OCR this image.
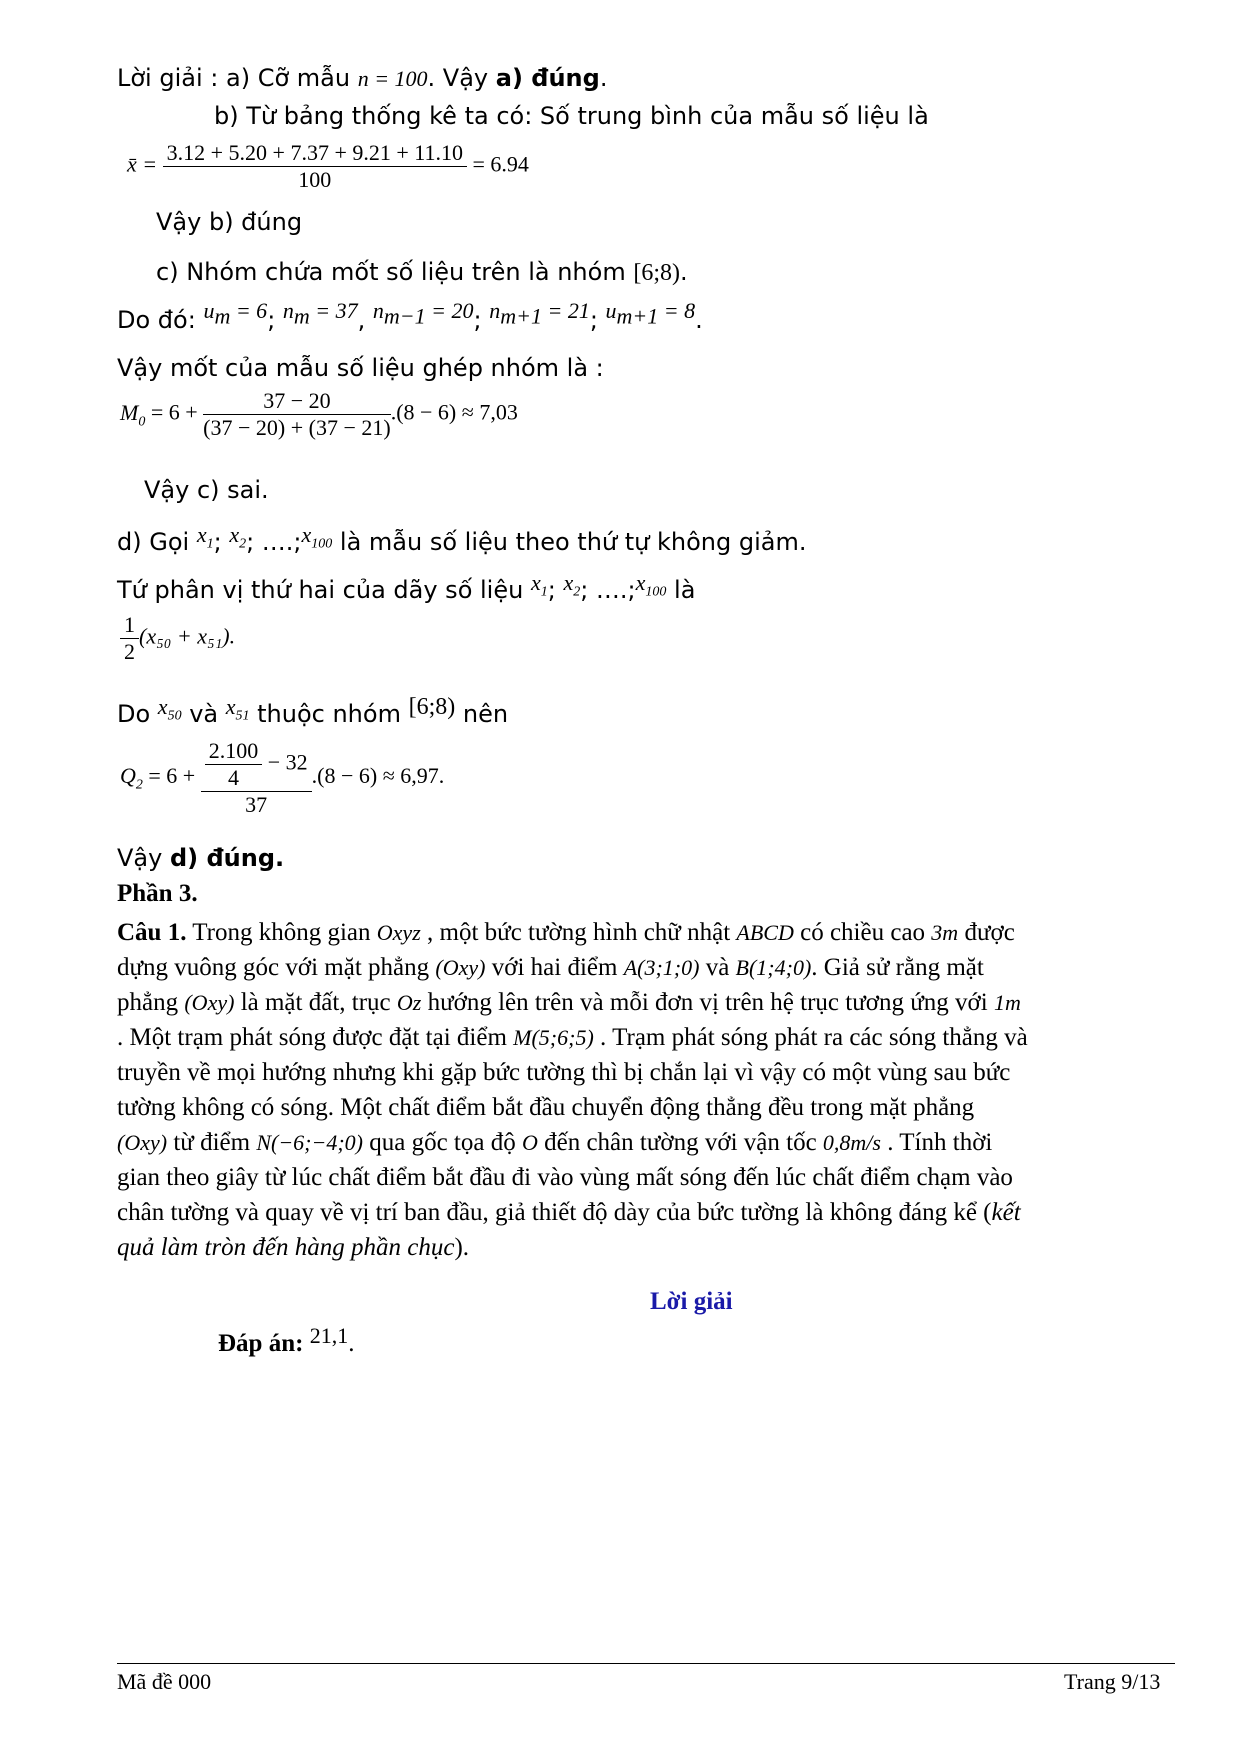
Lời giải : a) Cỡ mẫu n = 100. Vậy a) đúng.
b) Từ bảng thống kê ta có: Số trung bình của mẫu số liệu là
x̄ = $\frac{3.12 + 5.20 + 7.37 + 9.21 + 11.10}{100} = 6.94$
Vậy b) đúng
c) Nhóm chứa mốt số liệu trên là nhóm [6;8).
Do đó: $u_m = 6$; $n_m = 37$, $n_{m-1} = 20$; $n_{m+1} = 21$; $u_{m+1} = 8$.
Vậy mốt của mẫu số liệu ghép nhóm là :
$M_0 = 6 + \frac{37 - 20}{(37 - 20) + (37 - 21)} .(8 - 6) \approx 7,03$
Vậy c) sai.
d) Gọi $x_1$; $x_2$; $\dots.;x_{100}$ là mẫu số liệu theo thứ tự không giảm.
Tứ phân vị thứ hai của dãy số liệu $x_1$; $x_2$; $\dots.;x_{100}$ là
$\frac{1}{2} (x_{50} + x_{51})$.
Do $x_{50}$ và $x_{51}$ thuộc nhóm [6;8) nên
$Q_2 = 6 + \frac{\frac{2.100}{4} - 32}{37} .(8 - 6) \approx 6,97$.
Vậy d) đúng.
Phần 3.
Câu 1. Trong không gian Oxyz , một bức tường hình chữ nhật ABCD có chiều cao 3m được
dựng vuông góc với mặt phẳng (Oxy) với hai điểm A(3;1;0) và B(1;4;0). Giả sử rằng mặt
phẳng (Oxy) là mặt đất, trục Oz hướng lên trên và mỗi đơn vị trên hệ trục tương ứng với 1m
. Một trạm phát sóng được đặt tại điểm M(5;6;5) . Trạm phát sóng phát ra các sóng thẳng và
truyền về mọi hướng nhưng khi gặp bức tường thì bị chắn lại vì vậy có một vùng sau bức
tường không có sóng. Một chất điểm bắt đầu chuyển động thẳng đều trong mặt phẳng
(Oxy) từ điểm N(−6;−4;0) qua gốc tọa độ O đến chân tường với vận tốc 0,8m/s . Tính thời
gian theo giây từ lúc chất điểm bắt đầu đi vào vùng mất sóng đến lúc chất điểm chạm vào
chân tường và quay về vị trí ban đầu, giả thiết độ dày của bức tường là không đáng kể (kết
quả làm tròn đến hàng phần chục).
Lời giải
Đáp án: 21,1.
Mã đề 000	Trang 9/13
